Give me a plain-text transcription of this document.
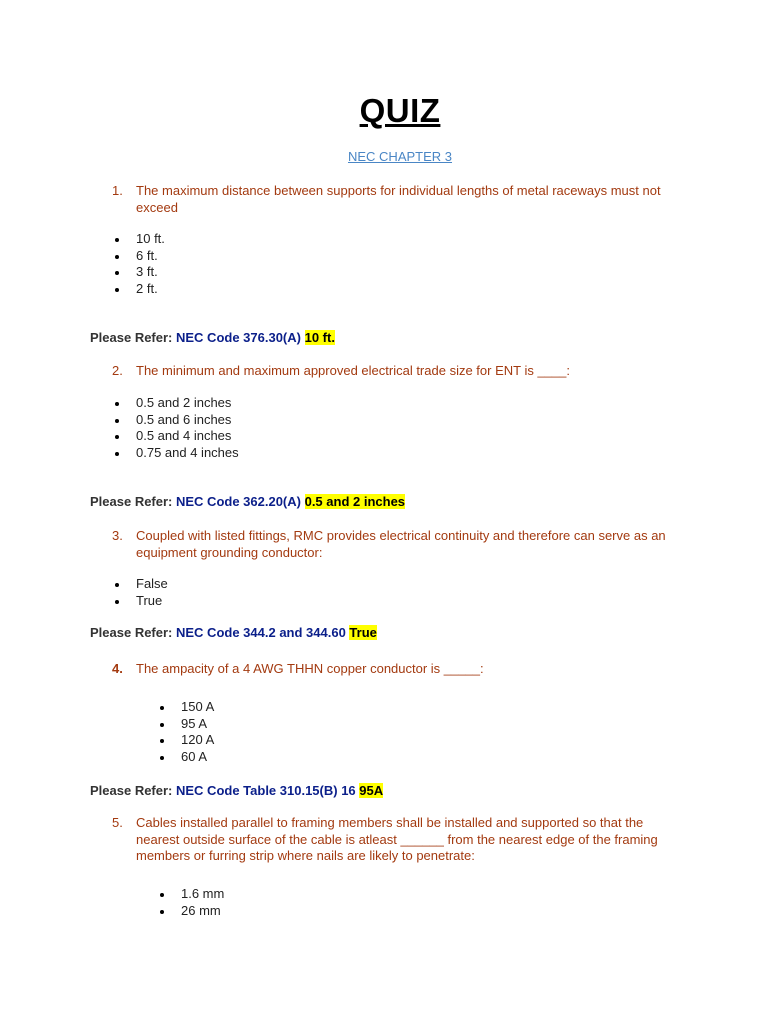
QUIZ
NEC CHAPTER 3
1. The maximum distance between supports for individual lengths of metal raceways must not exceed
10 ft.
6 ft.
3 ft.
2 ft.
Please Refer: NEC Code 376.30(A) 10 ft.
2. The minimum and maximum approved electrical trade size for ENT is ____:
0.5 and 2 inches
0.5 and 6 inches
0.5 and 4 inches
0.75 and 4 inches
Please Refer: NEC Code 362.20(A) 0.5 and 2 inches
3. Coupled with listed fittings, RMC provides electrical continuity and therefore can serve as an equipment grounding conductor:
False
True
Please Refer: NEC Code 344.2 and 344.60 True
4. The ampacity of a 4 AWG THHN copper conductor is _____:
150 A
95 A
120 A
60 A
Please Refer: NEC Code Table 310.15(B) 16 95A
5. Cables installed parallel to framing members shall be installed and supported so that the nearest outside surface of the cable is atleast ______ from the nearest edge of the framing members or furring strip where nails are likely to penetrate:
1.6 mm
26 mm
